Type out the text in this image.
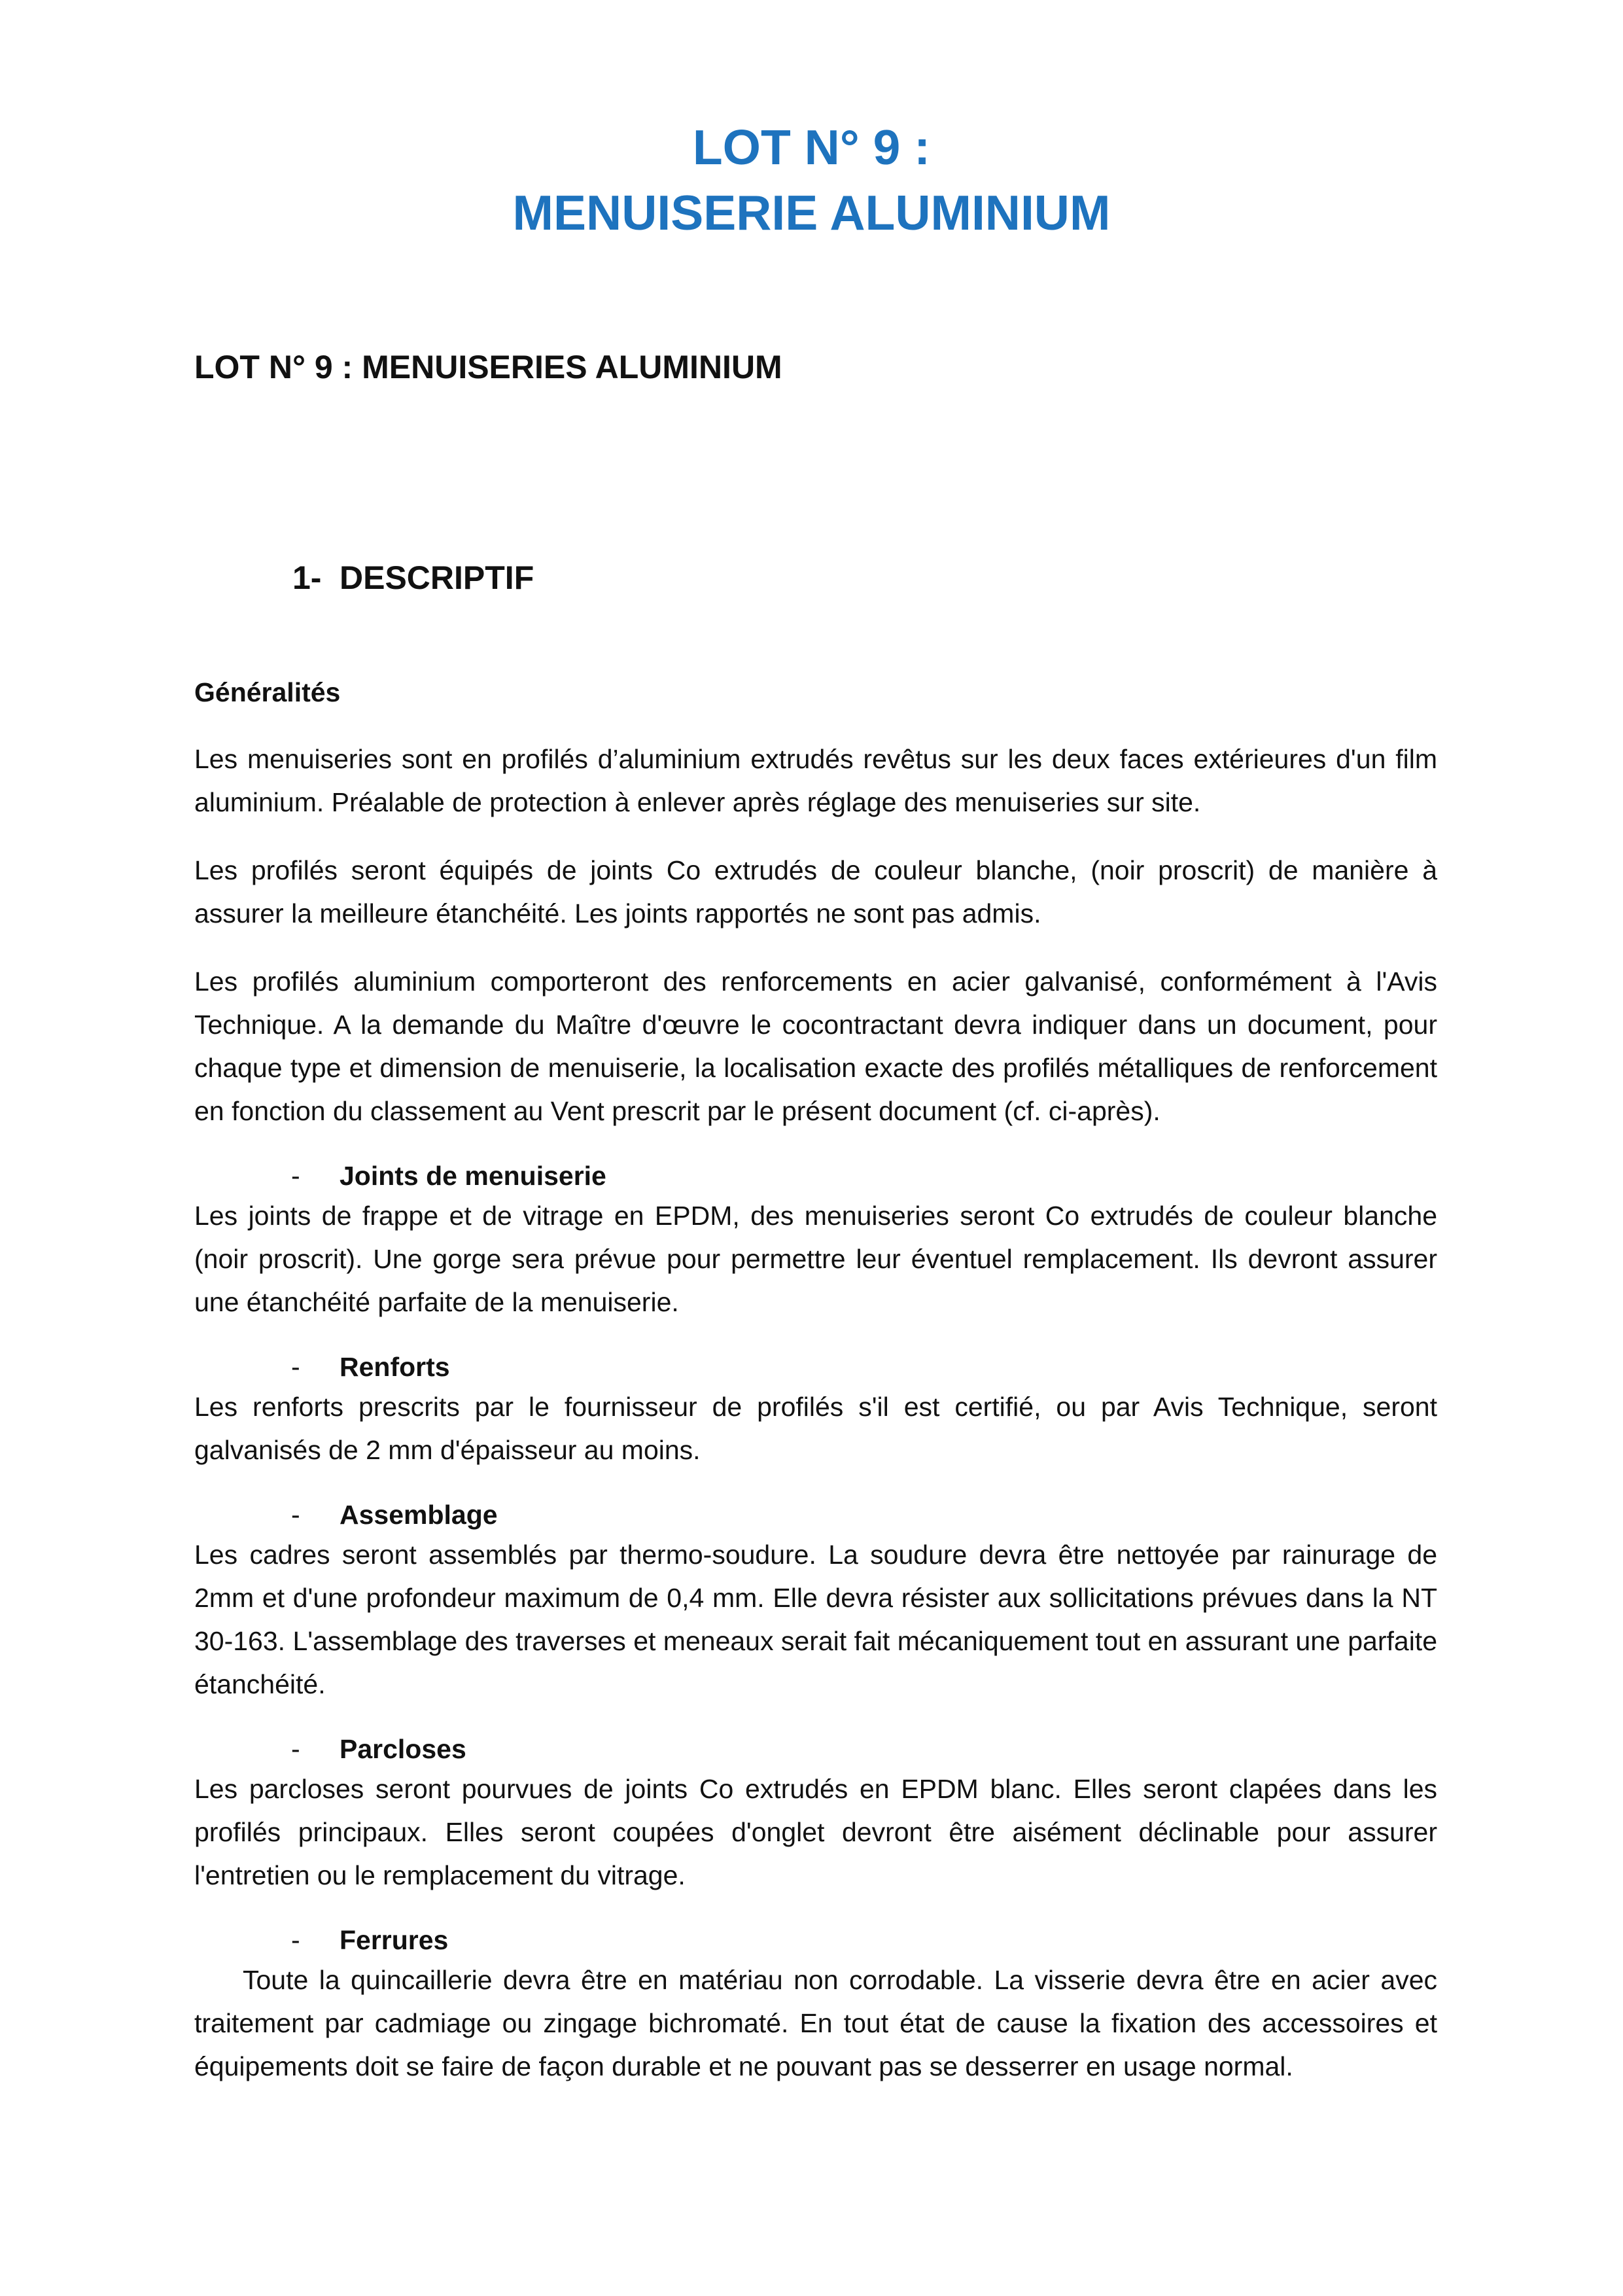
LOT N° 9 :
MENUISERIE ALUMINIUM
LOT N° 9 : MENUISERIES ALUMINIUM
1- DESCRIPTIF

Généralités

Les menuiseries sont en profilés d’aluminium extrudés revêtus sur les deux faces extérieures d'un film aluminium. Préalable de protection à enlever après réglage des menuiseries sur site.

Les profilés seront équipés de joints Co extrudés de couleur blanche, (noir proscrit) de manière à assurer la meilleure étanchéité. Les joints rapportés ne sont pas admis.

Les profilés aluminium comporteront des renforcements en acier galvanisé, conformément à l'Avis Technique. A la demande du Maître d'œuvre le cocontractant devra indiquer dans un document, pour chaque type et dimension de menuiserie, la localisation exacte des profilés métalliques de renforcement en fonction du classement au Vent prescrit par le présent document (cf. ci-après).

- Joints de menuiserie

Les joints de frappe et de vitrage en EPDM, des menuiseries seront Co extrudés de couleur blanche (noir proscrit). Une gorge sera prévue pour permettre leur éventuel remplacement. Ils devront assurer une étanchéité parfaite de la menuiserie.

- Renforts

Les renforts prescrits par le fournisseur de profilés s'il est certifié, ou par Avis Technique, seront galvanisés de 2 mm d'épaisseur au moins.

- Assemblage

Les cadres seront assemblés par thermo-soudure. La soudure devra être nettoyée par rainurage de 2mm et d'une profondeur maximum de 0,4 mm. Elle devra résister aux sollicitations prévues dans la NT 30-163. L'assemblage des traverses et meneaux serait fait mécaniquement tout en assurant une parfaite étanchéité.

- Parcloses

Les parcloses seront pourvues de joints Co extrudés en EPDM blanc. Elles seront clapées dans les profilés principaux. Elles seront coupées d'onglet devront être aisément déclinable pour assurer l'entretien ou le remplacement du vitrage.

- Ferrures

Toute la quincaillerie devra être en matériau non corrodable. La visserie devra être en acier avec traitement par cadmiage ou zingage bichromaté. En tout état de cause la fixation des accessoires et équipements doit se faire de façon durable et ne pouvant pas se desserrer en usage normal.
